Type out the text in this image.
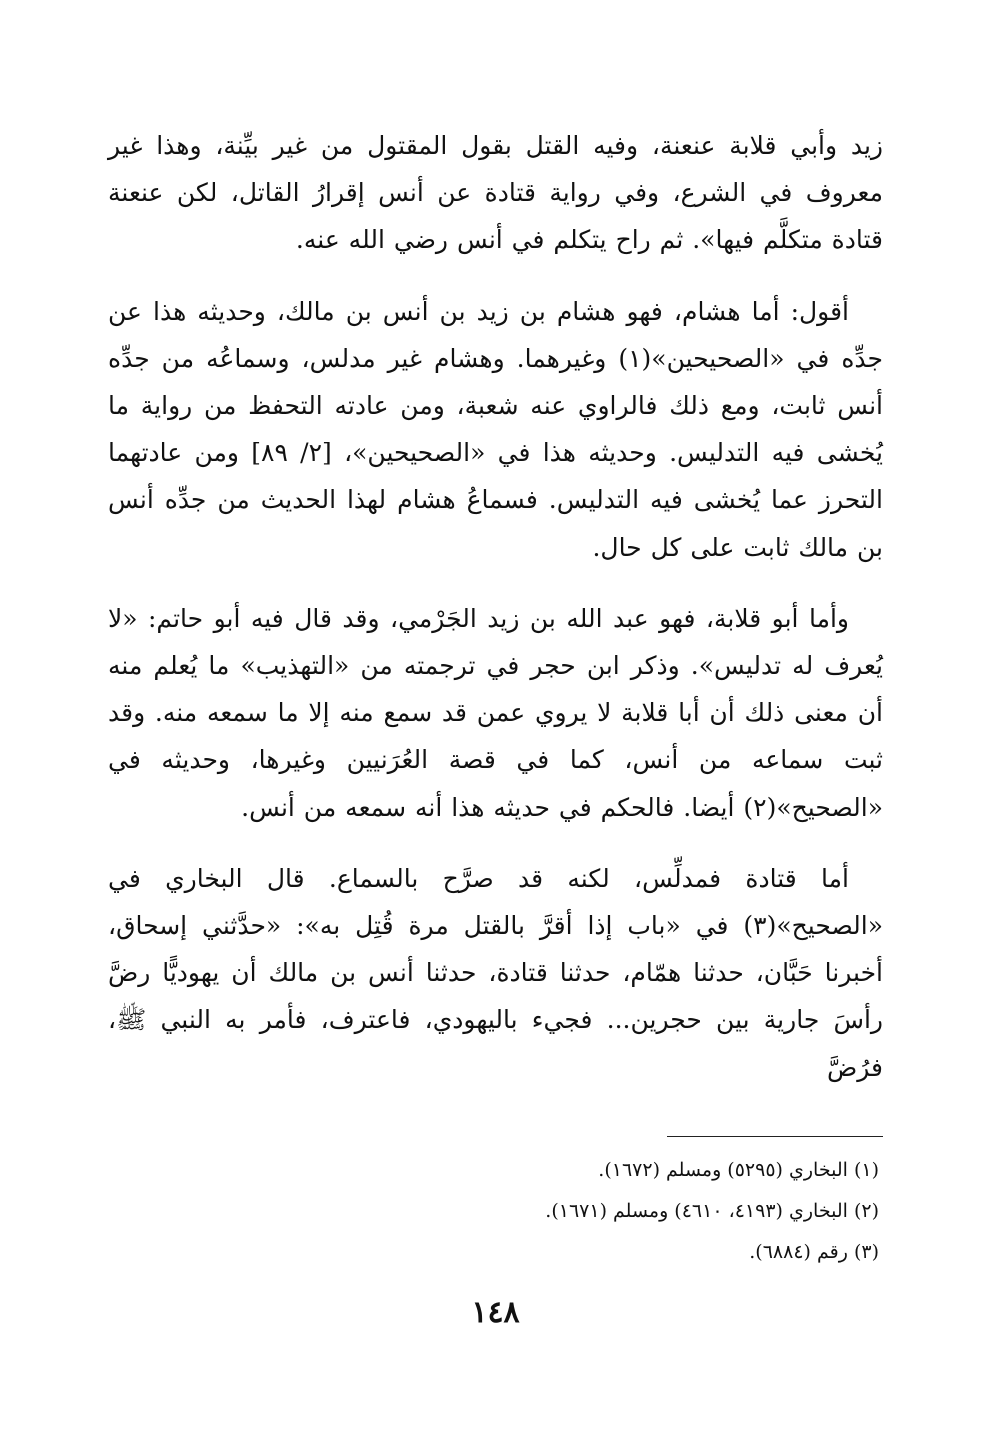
زيد وأبي قلابة عنعنة، وفيه القتل بقول المقتول من غير بيِّنة، وهذا غير معروف في الشرع، وفي رواية قتادة عن أنس إقرارُ القاتل، لكن عنعنة قتادة متكلَّم فيها». ثم راح يتكلم في أنس رضي الله عنه.

أقول: أما هشام، فهو هشام بن زيد بن أنس بن مالك، وحديثه هذا عن جدِّه في «الصحيحين»(١) وغيرهما. وهشام غير مدلس، وسماعُه من جدِّه أنس ثابت، ومع ذلك فالراوي عنه شعبة، ومن عادته التحفظ من رواية ما يُخشى فيه التدليس. وحديثه هذا في «الصحيحين»، [٢/ ٨٩] ومن عادتهما التحرز عما يُخشى فيه التدليس. فسماعُ هشام لهذا الحديث من جدِّه أنس بن مالك ثابت على كل حال.

وأما أبو قلابة، فهو عبد الله بن زيد الجَرْمي، وقد قال فيه أبو حاتم: «لا يُعرف له تدليس». وذكر ابن حجر في ترجمته من «التهذيب» ما يُعلم منه أن معنى ذلك أن أبا قلابة لا يروي عمن قد سمع منه إلا ما سمعه منه. وقد ثبت سماعه من أنس، كما في قصة العُرَنيين وغيرها، وحديثه في «الصحيح»(٢) أيضا. فالحكم في حديثه هذا أنه سمعه من أنس.

أما قتادة فمدلِّس، لكنه قد صرَّح بالسماع. قال البخاري في «الصحيح»(٣) في «باب إذا أقرَّ بالقتل مرة قُتِل به»: «حدَّثني إسحاق، أخبرنا حَبَّان، حدثنا همّام، حدثنا قتادة، حدثنا أنس بن مالك أن يهوديًّا رضَّ رأسَ جارية بين حجرين... فجيء باليهودي، فاعترف، فأمر به النبي ﷺ، فرُضَّ

(١) البخاري (٥٢٩٥) ومسلم (١٦٧٢).

(٢) البخاري (٤١٩٣، ٤٦١٠) ومسلم (١٦٧١).

(٣) رقم (٦٨٨٤).

١٤٨
